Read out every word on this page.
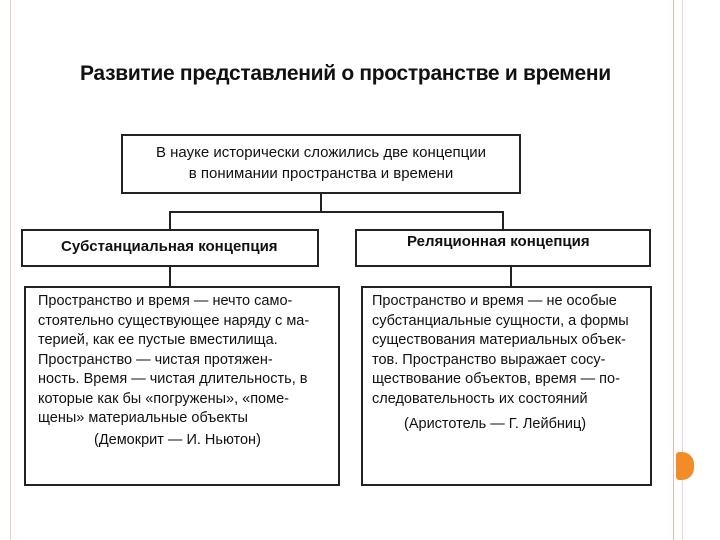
Развитие представлений о пространстве и времени
В науке исторически сложились две концепции
в понимании пространства и времени
Субстанциальная концепция	Реляционная концепция
Пространство и время — нечто само-
стоятельно существующее наряду с ма-
терией, как ее пустые вместилища.
Пространство — чистая протяжен-
ность. Время — чистая длительность, в
которые как бы «погружены», «поме-
щены» материальные объекты
(Демокрит — И. Ньютон)
Пространство и время — не особые
субстанциальные сущности, а формы
существования материальных объек-
тов. Пространство выражает сосу-
ществование объектов, время — по-
следовательность их состояний
(Аристотель — Г. Лейбниц)
